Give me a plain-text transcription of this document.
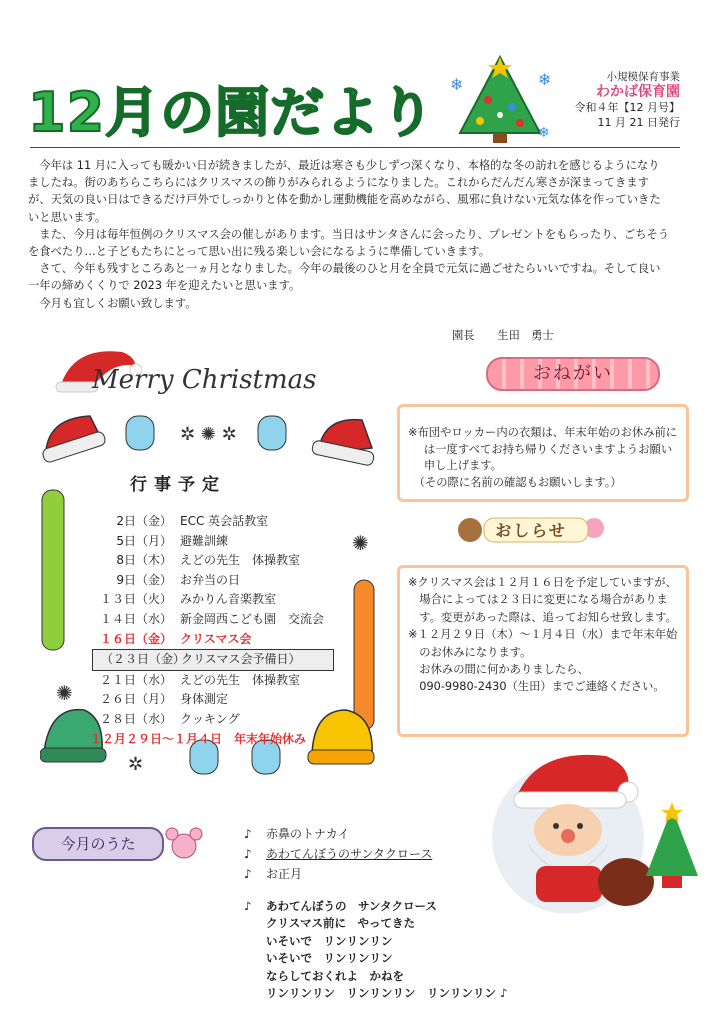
12月の園だより ❄	❄
❄
小規模保育事業
わかば保育園
令和４年【12 月号】
11 月 21 日発行

今年は 11 月に入っても暖かい日が続きましたが、最近は寒さも少しずつ深くなり、本格的な冬の訪れを感じるようになりましたね。街のあちらこちらにはクリスマスの飾りがみられるようになりました。これからだんだん寒さが深まってきますが、天気の良い日はできるだけ戸外でしっかりと体を動かし運動機能を高めながら、風邪に負けない元気な体を作っていきたいと思います。

また、今月は毎年恒例のクリスマス会の催しがあります。当日はサンタさんに会ったり、プレゼントをもらったり、ごちそうを食べたり…と子どもたちにとって思い出に残る楽しい会になるように準備していきます。

さて、今年も残すところあと一ヵ月となりました。今年の最後のひと月を全員で元気に過ごせたらいいですね。そして良い一年の締めくくりで 2023 年を迎えたいと思います。

今月も宜しくお願い致します。

園長　　生田　勇士
Merry Christmas	おねがい

※布団やロッカー内の衣類は、年末年始のお休み前には一度すべてお持ち帰りくださいますようお願い申し上げます。

（その際に名前の確認もお願いします。）

おしらせ

※クリスマス会は１２月１６日を予定していますが、場合によっては２３日に変更になる場合があります。変更があった際は、追ってお知らせ致します。

※１２月２９日（木）～１月４日（水）まで年末年始のお休みになります。

お休みの間に何かありましたら、

090-9980-2430（生田）までご連絡ください。

✲ ✺ ✲
✲
✺
✺
行事予定
2日（金） ECC 英会話教室
5日（月） 避難訓練
8日（木） えどの先生　体操教室
9日（金） お弁当の日
１３日（火） みかりん音楽教室
１４日（水） 新金岡西こども園　交流会
１６日（金） クリスマス会
（２３日（金）クリスマス会予備日）
２１日（水） えどの先生　体操教室
２６日（月） 身体測定
２８日（水） クッキング
１２月２９日～１月４日　年末年始休み
今月のうた
♪ 赤鼻のトナカイ
♪ あわてんぼうのサンタクロース
♪ お正月
♪ あわてんぼうの　サンタクロース
クリスマス前に　やってきた
いそいで　リンリンリン
いそいで　リンリンリン
ならしておくれよ　かねを
リンリンリン　リンリンリン　リンリンリン ♪
